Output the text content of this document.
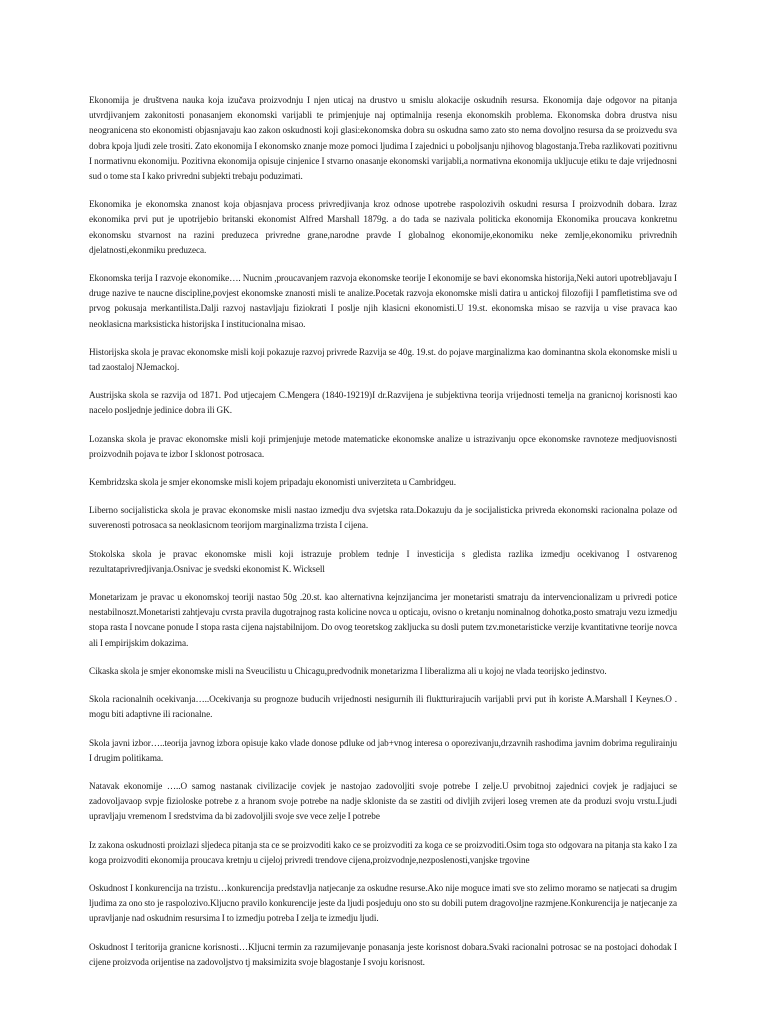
Ekonomija je društvena nauka koja izučava proizvodnju I njen uticaj na drustvo u smislu alokacije oskudnih resursa. Ekonomija daje odgovor na pitanja utvrdjivanjem zakonitosti ponasanjem ekonomski varijabli te primjenjuje naj optimalnija resenja ekonomskih problema. Ekonomska dobra drustva nisu neogranicena sto ekonomisti objasnjavaju kao zakon oskudnosti koji glasi:ekonomska dobra su oskudna samo zato sto nema dovoljno resursa da se proizvedu sva dobra kpoja ljudi zele trositi. Zato ekonomija I ekonomsko znanje moze pomoci ljudima I zajednici u poboljsanju njihovog blagostanja.Treba razlikovati pozitivnu I normativnu ekonomiju. Pozitivna ekonomija opisuje cinjenice I stvarno onasanje ekonomski varijabli,a normativna ekonomija ukljucuje etiku te daje vrijednosni sud o tome sta I kako privredni subjekti trebaju poduzimati.

Ekonomika je ekonomska znanost koja objasnjava process privredjivanja kroz odnose upotrebe raspolozivih oskudni resursa I proizvodnih dobara. Izraz ekonomika prvi put je upotrijebio britanski ekonomist Alfred Marshall 1879g. a do tada se nazivala politicka ekonomija Ekonomika proucava konkretnu ekonomsku stvarnost na razini preduzeca privredne grane,narodne pravde I globalnog ekonomije,ekonomiku neke zemlje,ekonomiku privrednih djelatnosti,ekonmiku preduzeca.

Ekonomska terija I razvoje ekonomike…. Nucnim ,proucavanjem razvoja ekonomske teorije I ekonomije se bavi ekonomska historija,Neki autori upotrebljavaju I druge nazive te naucne discipline,povjest ekonomske znanosti misli te analize.Pocetak razvoja ekonomske misli datira u antickoj filozofiji I pamfletistima sve od prvog pokusaja merkantilista.Dalji razvoj nastavljaju fiziokrati I poslje njih klasicni ekonomisti.U 19.st. ekonomska misao se razvija u vise pravaca kao neoklasicna marksisticka historijska I institucionalna misao.

Historijska skola je pravac ekonomske misli koji pokazuje razvoj privrede Razvija se 40g. 19.st. do pojave marginalizma kao dominantna skola ekonomske misli u tad zaostaloj NJemackoj.

Austrijska skola se razvija od 1871. Pod utjecajem C.Mengera (1840-19219)I dr.Razvijena je subjektivna teorija vrijednosti temelja na granicnoj korisnosti kao nacelo posljednje jedinice dobra ili GK.

Lozanska skola je pravac ekonomske misli koji primjenjuje metode matematicke ekonomske analize u istrazivanju opce ekonomske ravnoteze medjuovisnosti proizvodnih pojava te izbor I sklonost potrosaca.

Kembridzska skola je smjer ekonomske misli kojem pripadaju ekonomisti univerziteta u Cambridgeu.

Liberno socijalisticka skola je pravac ekonomske misli nastao izmedju dva svjetska rata.Dokazuju da je socijalisticka privreda ekonomski racionalna polaze od suverenosti potrosaca sa neoklasicnom teorijom marginalizma trzista I cijena.

Stokolska skola je pravac ekonomske misli koji istrazuje problem tednje I investicija s gledista razlika izmedju ocekivanog I ostvarenog rezultataprivredjivanja.Osnivac je svedski ekonomist K. Wicksell

Monetarizam je pravac u ekonomskoj teoriji nastao 50g .20.st. kao alternativna kejnzijancima jer monetaristi smatraju da intervencionalizam u privredi potice nestabilnoszt.Monetaristi zahtjevaju cvrsta pravila dugotrajnog rasta kolicine novca u opticaju, ovisno o kretanju nominalnog dohotka,posto smatraju vezu izmedju stopa rasta I novcane ponude I stopa rasta cijena najstabilnijom. Do ovog teoretskog zakljucka su dosli putem tzv.monetaristicke verzije kvantitativne teorije novca ali I empirijskim dokazima.

Cikaska skola je smjer ekonomske misli na Sveucilistu u Chicagu,predvodnik monetarizma I liberalizma ali u kojoj ne vlada teorijsko jedinstvo.

Skola racionalnih ocekivanja…..Ocekivanja su prognoze buducih vrijednosti nesigurnih ili fluktturirajucih varijabli prvi put ih koriste A.Marshall I Keynes.O . mogu biti adaptivne ili racionalne.

Skola javni izbor…..teorija javnog izbora opisuje kako vlade donose pdluke od jab+vnog interesa o oporezivanju,drzavnih rashodima javnim dobrima regulirainju I drugim politikama.

Natavak ekonomije …..O samog nastanak civilizacije covjek je nastojao zadovoljiti svoje potrebe I zelje.U prvobitnoj zajednici covjek je radjajuci se zadovoljavaop svpje fizioloske potrebe z a hranom svoje potrebe na nadje skloniste da se zastiti od divljih zvijeri loseg vremen ate da produzi svoju vrstu.Ljudi upravljaju vremenom I sredstvima da bi zadovoljili svoje sve vece zelje I potrebe

Iz zakona oskudnosti proizlazi sljedeca pitanja sta ce se proizvoditi kako ce se proizvoditi za koga ce se proizvoditi.Osim toga sto odgovara na pitanja sta kako I za koga proizvoditi ekonomija proucava kretnju u cijeloj privredi trendove cijena,proizvodnje,nezposlenosti,vanjske trgovine

Oskudnost I konkurencija na trzistu…konkurencija predstavlja natjecanje za oskudne resursе.Ako nije moguce imati sve sto zelimo moramo se natjecati sa drugim ljudima za ono sto je raspolozivo.Kljucno pravilo konkurencije jeste da ljudi posjeduju ono sto su dobili putem dragovoljne razmjene.Konkurencija je natjecanje za upravljanje nad oskudnim resursima I to izmedju potreba I zelja te izmedju ljudi.

Oskudnost I teritorija granicne korisnosti…Kljucni termin za razumijevanje ponasanja jeste korisnost dobara.Svaki racionalni potrosac se na postojaci dohodak I cijene proizvoda orijentise na zadovoljstvo tj maksimizita svoje blagostanje I svoju korisnost.
